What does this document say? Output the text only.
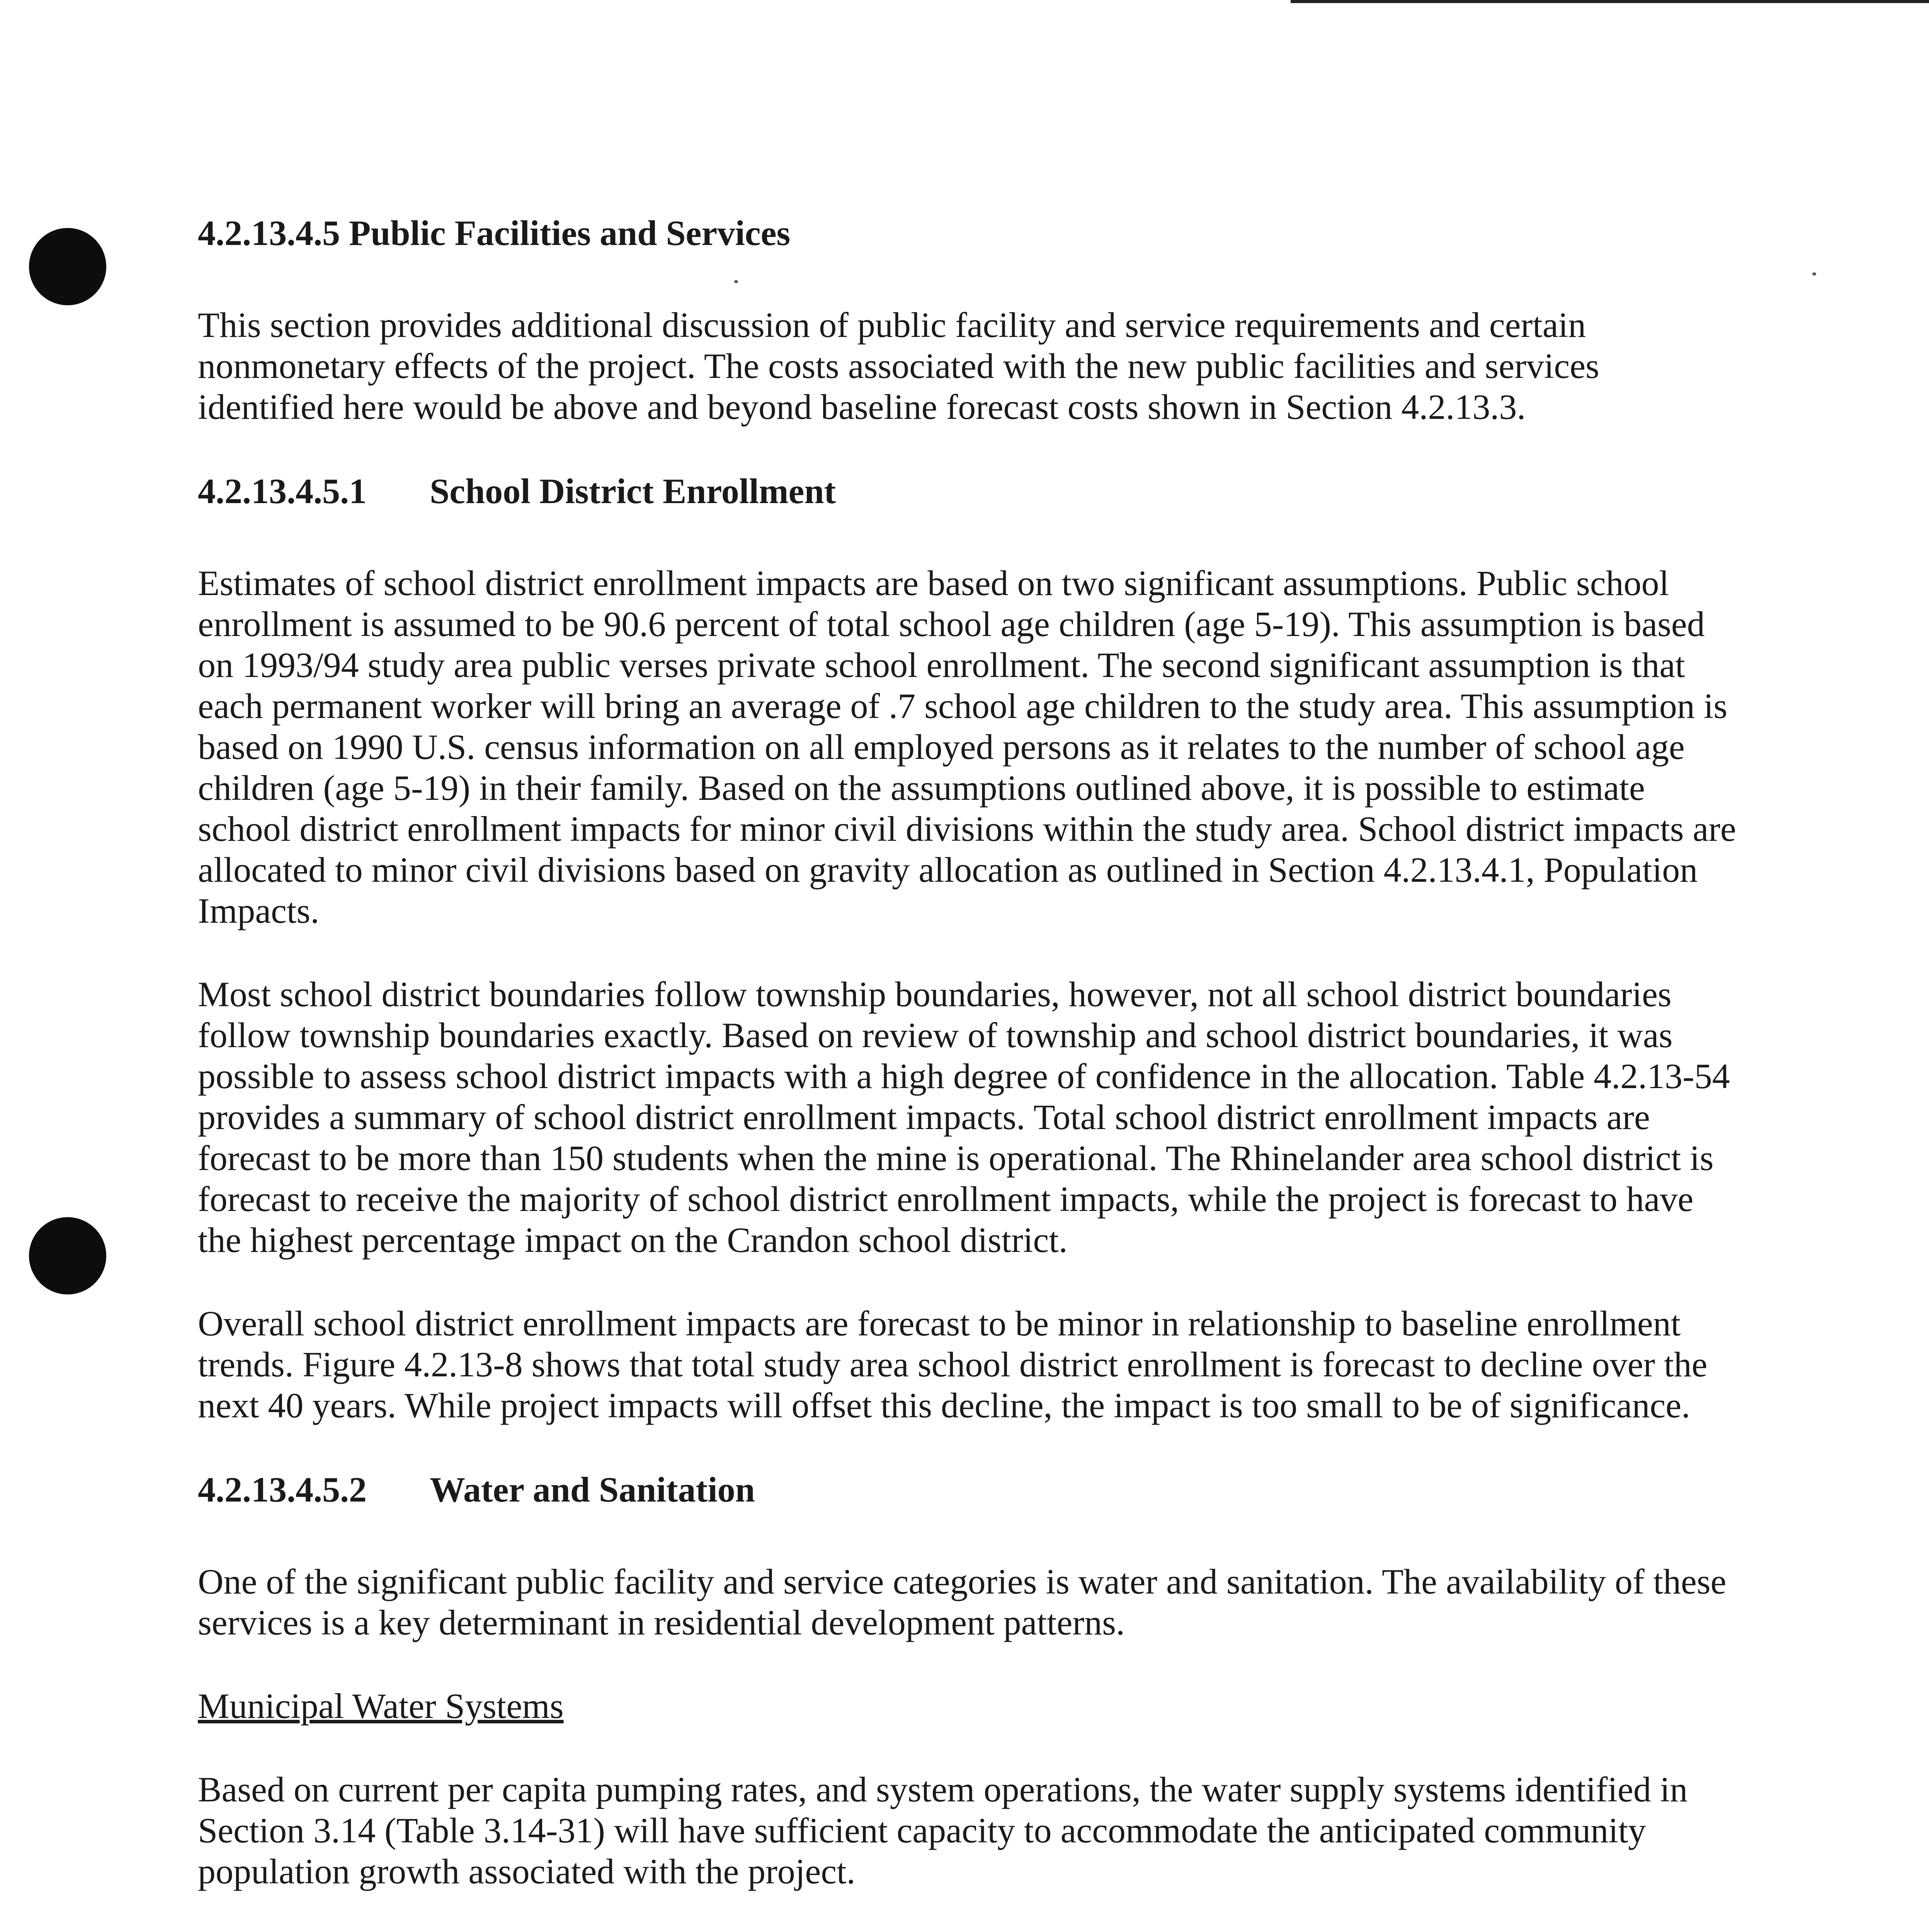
4.2.13.4.5 Public Facilities and Services

This section provides additional discussion of public facility and service requirements and certain nonmonetary effects of the project. The costs associated with the new public facilities and services identified here would be above and beyond baseline forecast costs shown in Section 4.2.13.3.

4.2.13.4.5.1	School District Enrollment

Estimates of school district enrollment impacts are based on two significant assumptions. Public school enrollment is assumed to be 90.6 percent of total school age children (age 5-19). This assumption is based on 1993/94 study area public verses private school enrollment. The second significant assumption is that each permanent worker will bring an average of .7 school age children to the study area. This assumption is based on 1990 U.S. census information on all employed persons as it relates to the number of school age children (age 5-19) in their family. Based on the assumptions outlined above, it is possible to estimate school district enrollment impacts for minor civil divisions within the study area. School district impacts are allocated to minor civil divisions based on gravity allocation as outlined in Section 4.2.13.4.1, Population Impacts.

Most school district boundaries follow township boundaries, however, not all school district boundaries follow township boundaries exactly. Based on review of township and school district boundaries, it was possible to assess school district impacts with a high degree of confidence in the allocation. Table 4.2.13-54 provides a summary of school district enrollment impacts. Total school district enrollment impacts are forecast to be more than 150 students when the mine is operational. The Rhinelander area school district is forecast to receive the majority of school district enrollment impacts, while the project is forecast to have the highest percentage impact on the Crandon school district.

Overall school district enrollment impacts are forecast to be minor in relationship to baseline enrollment trends. Figure 4.2.13-8 shows that total study area school district enrollment is forecast to decline over the next 40 years. While project impacts will offset this decline, the impact is too small to be of significance.

4.2.13.4.5.2	Water and Sanitation

One of the significant public facility and service categories is water and sanitation. The availability of these services is a key determinant in residential development patterns.

Municipal Water Systems

Based on current per capita pumping rates, and system operations, the water supply systems identified in Section 3.14 (Table 3.14-31) will have sufficient capacity to accommodate the anticipated community population growth associated with the project.
